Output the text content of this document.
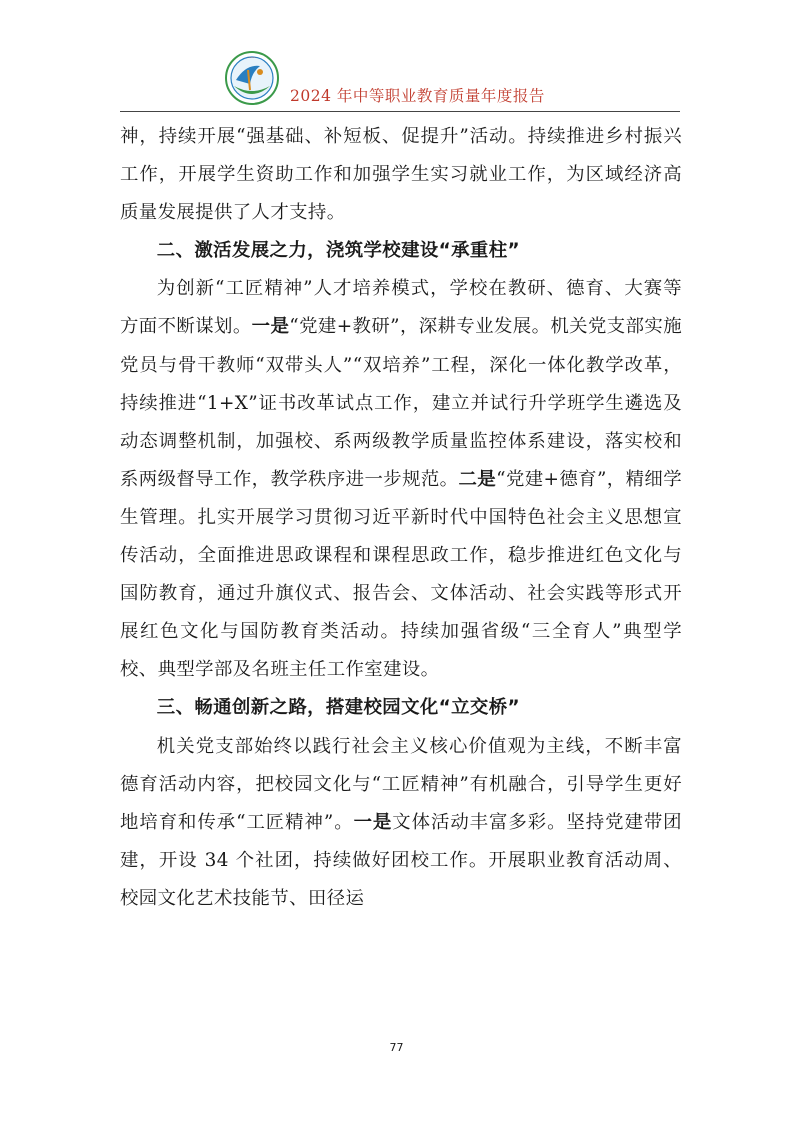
·····
2024 年中等职业教育质量年度报告

神，持续开展“强基础、补短板、促提升”活动。持续推进乡村振兴工作，开展学生资助工作和加强学生实习就业工作，为区域经济高质量发展提供了人才支持。

二、激活发展之力，浇筑学校建设“承重柱”

为创新“工匠精神”人才培养模式，学校在教研、德育、大赛等方面不断谋划。一是“党建+教研”，深耕专业发展。机关党支部实施党员与骨干教师“双带头人”“双培养”工程，深化一体化教学改革，持续推进“1+X”证书改革试点工作，建立并试行升学班学生遴选及动态调整机制，加强校、系两级教学质量监控体系建设，落实校和系两级督导工作，教学秩序进一步规范。二是“党建+德育”，精细学生管理。扎实开展学习贯彻习近平新时代中国特色社会主义思想宣传活动，全面推进思政课程和课程思政工作，稳步推进红色文化与国防教育，通过升旗仪式、报告会、文体活动、社会实践等形式开展红色文化与国防教育类活动。持续加强省级“三全育人”典型学校、典型学部及名班主任工作室建设。

三、畅通创新之路，搭建校园文化“立交桥”

机关党支部始终以践行社会主义核心价值观为主线，不断丰富德育活动内容，把校园文化与“工匠精神”有机融合，引导学生更好地培育和传承“工匠精神”。一是文体活动丰富多彩。坚持党建带团建，开设 34 个社团，持续做好团校工作。开展职业教育活动周、校园文化艺术技能节、田径运

77
